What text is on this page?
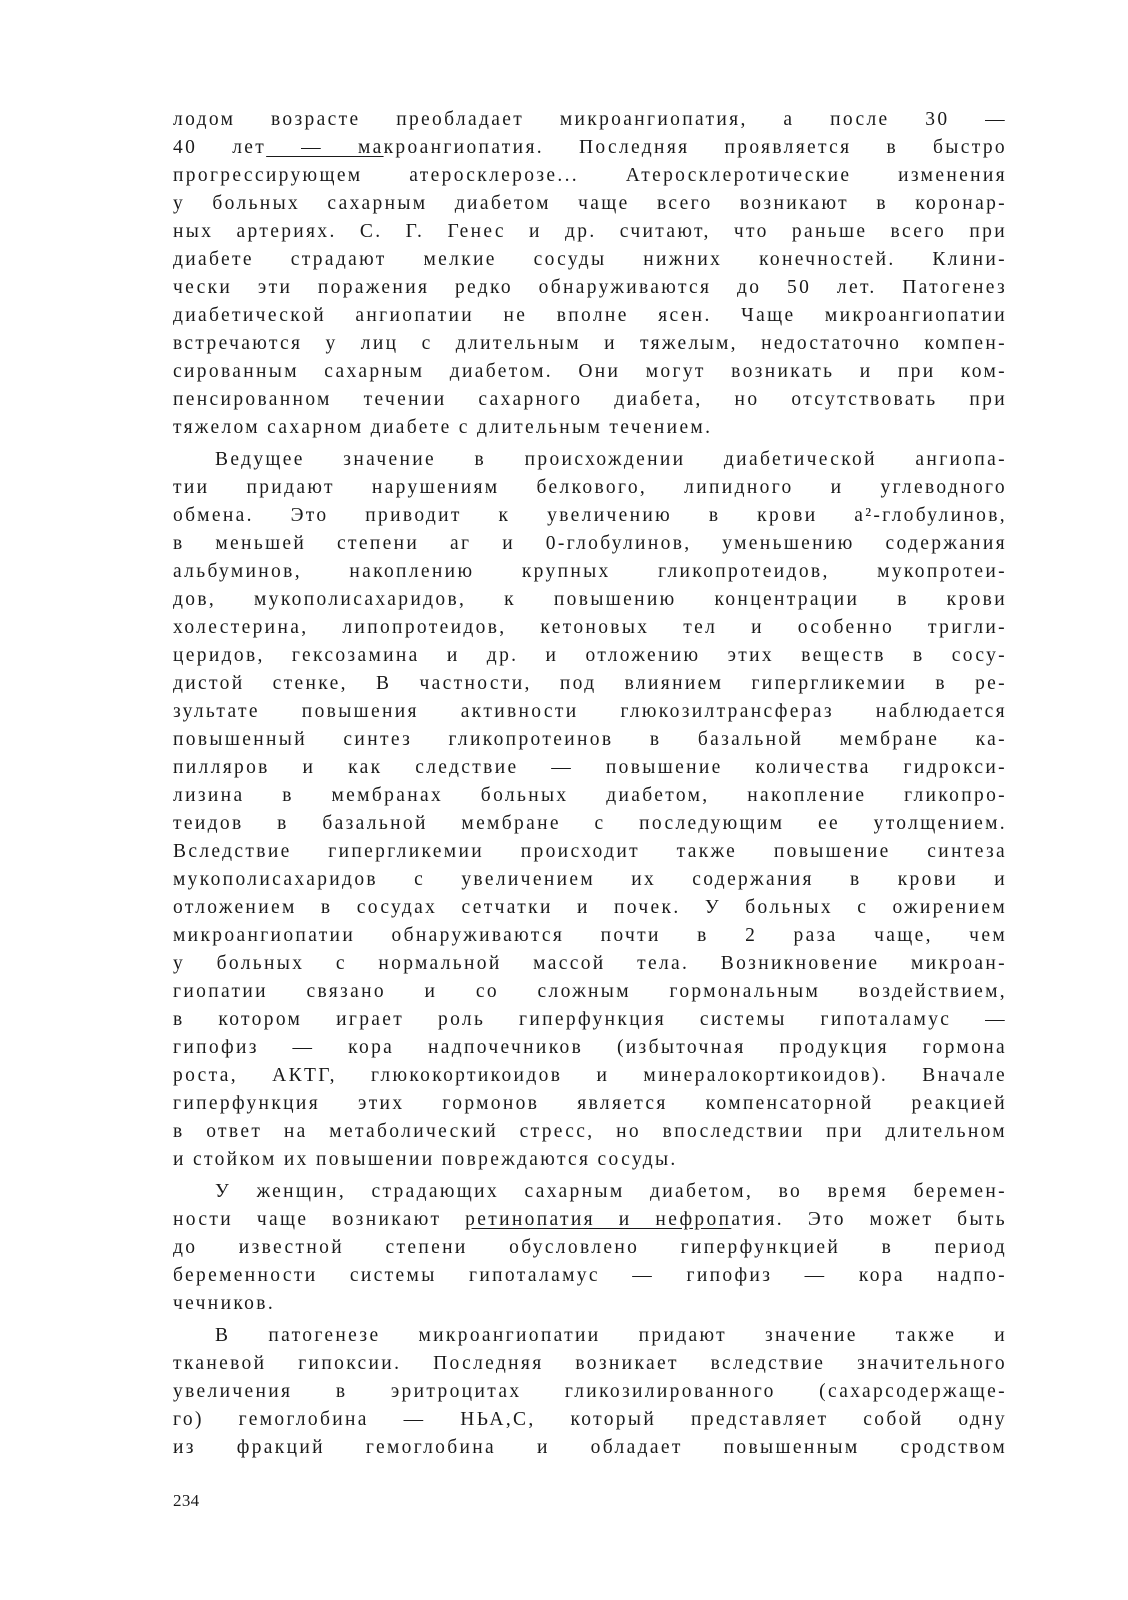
лодом возрасте преобладает микроангиопатия, а после 30 —
40 лет — макроангиопатия. Последняя проявляется в быстро
прогрессирующем атеросклерозе... Атеросклеротические изменения
у больных сахарным диабетом чаще всего возникают в коронар-
ных артериях. С. Г. Генес и др. считают, что раньше всего при
диабете страдают мелкие сосуды нижних конечностей. Клини-
чески эти поражения редко обнаруживаются до 50 лет. Патогенез
диабетической ангиопатии не вполне ясен. Чаще микроангиопатии
встречаются у лиц с длительным и тяжелым, недостаточно компен-
сированным сахарным диабетом. Они могут возникать и при ком-
пенсированном течении сахарного диабета, но отсутствовать при
тяжелом сахарном диабете с длительным течением.
Ведущее значение в происхождении диабетической ангиопа-
тии придают нарушениям белкового, липидного и углеводного
обмена. Это приводит к увеличению в крови а²-глобулинов,
в меньшей степени аᴦ и 0-глобулинов, уменьшению содержания
альбуминов, накоплению крупных гликопротеидов, мукопротеи-
дов, мукополисахаридов, к повышению концентрации в крови
холестерина, липопротеидов, кетоновых тел и особенно тригли-
церидов, гексозамина и др. и отложению этих веществ в сосу-
дистой стенке, В частности, под влиянием гипергликемии в ре-
зультате повышения активности глюкозилтрансфераз наблюдается
повышенный синтез гликопротеинов в базальной мембране ка-
пилляров и как следствие — повышение количества гидрокси-
лизина в мембранах больных диабетом, накопление гликопро-
теидов в базальной мембране с последующим ее утолщением.
Вследствие гипергликемии происходит также повышение синтеза
мукополисахаридов с увеличением их содержания в крови и
отложением в сосудах сетчатки и почек. У больных с ожирением
микроангиопатии обнаруживаются почти в 2 раза чаще, чем
у больных с нормальной массой тела. Возникновение микроан-
гиопатии связано и со сложным гормональным воздействием,
в котором играет роль гиперфункция системы гипоталамус —
гипофиз — кора надпочечников (избыточная продукция гормона
роста, АКТГ, глюкокортикоидов и минералокортикоидов). Вначале
гиперфункция этих гормонов является компенсаторной реакцией
в ответ на метаболический стресс, но впоследствии при длительном
и стойком их повышении повреждаются сосуды.
У женщин, страдающих сахарным диабетом, во время беремен-
ности чаще возникают ретинопатия и нефропатия. Это может быть
до известной степени обусловлено гиперфункцией в период
беременности системы гипоталамус — гипофиз — кора надпо-
чечников.
В патогенезе микроангиопатии придают значение также и
тканевой гипоксии. Последняя возникает вследствие значительного
увеличения в эритроцитах гликозилированного (сахарсодержаще-
го) гемоглобина — НЬА,С, который представляет собой одну
из фракций гемоглобина и обладает повышенным сродством
234
